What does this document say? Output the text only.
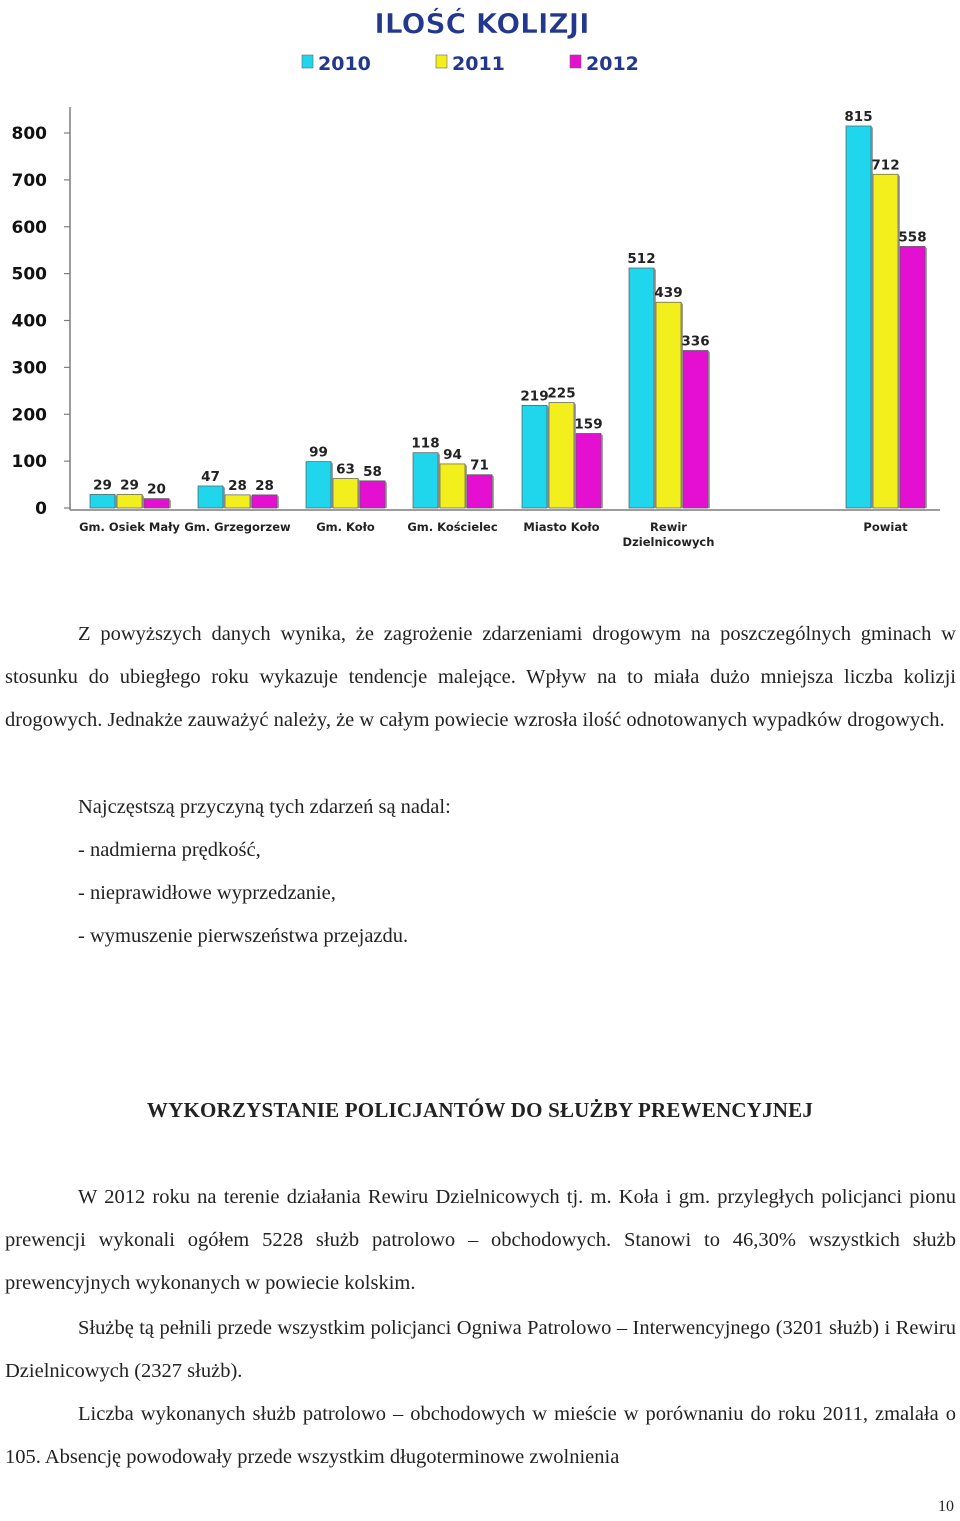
ILOŚĆ KOLIZJI
2010	2011	2012
0
100
200
300
400
500
600
700
800
29 29 20
47
28 28
99
63 58
118
94
71
219
225
159
512
439
336
815
712
558
Gm. Osiek Mały Gm. Grzegorzew Gm. Koło	Gm. Kościelec Miasto Koło	Rewir Dzielnicowych
Powiat

Z powyższych danych wynika, że zagrożenie zdarzeniami drogowym na poszczególnych gminach w stosunku do ubiegłego roku wykazuje tendencje malejące. Wpływ na to miała dużo mniejsza liczba kolizji drogowych. Jednakże zauważyć należy, że w całym powiecie wzrosła ilość odnotowanych wypadków drogowych.

Najczęstszą przyczyną tych zdarzeń są nadal:

- nadmierna prędkość,

- nieprawidłowe wyprzedzanie,

- wymuszenie pierwszeństwa przejazdu.

WYKORZYSTANIE POLICJANTÓW DO SŁUŻBY PREWENCYJNEJ

W 2012 roku na terenie działania Rewiru Dzielnicowych tj. m. Koła i gm. przyległych policjanci pionu prewencji wykonali ogółem 5228 służb patrolowo – obchodowych. Stanowi to 46,30% wszystkich służb prewencyjnych wykonanych w powiecie kolskim.

Służbę tą pełnili przede wszystkim policjanci Ogniwa Patrolowo – Interwencyjnego (3201 służb) i Rewiru Dzielnicowych (2327 służb).

Liczba wykonanych służb patrolowo – obchodowych w mieście w porównaniu do roku 2011, zmalała o 105. Absencję powodowały przede wszystkim długoterminowe zwolnienia

10
